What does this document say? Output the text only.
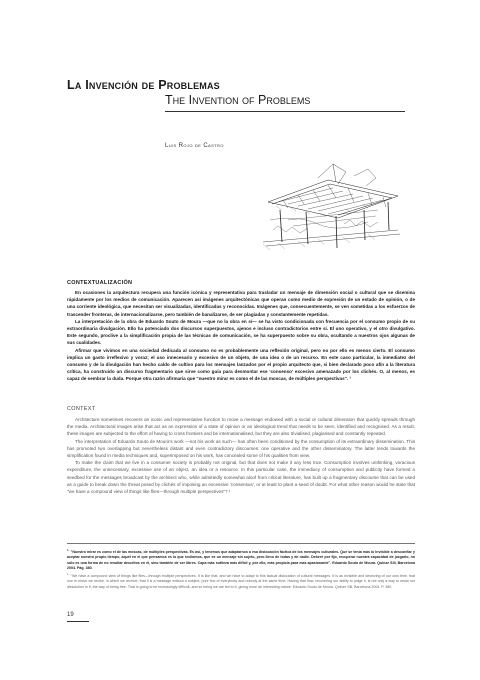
La Invención de Problemas
The Invention of Problems
Luis Rojo de Castro
CONTEXTUALIZACIÓN

En ocasiones la arquitectura recupera una función icónica y representativa para trasladar un mensaje de dimensión social o cultural que se disemina rápidamente por los medios de comunicación. Aparecen así imágenes arquitectónicas que operan como medio de expresión de un estado de opinión, o de una corriente ideológica, que necesitan ser visualizadas, identificadas y reconocidas. Imágenes que, consecuentemente, se ven sometidas a los esfuerzos de trascender fronteras, de internacionalizarse, pero también de banalizarse, de ser plagiadas y constantemente repetidas.

La interpretación de la obra de Eduardo Souto de Moura —que no la obra en sí— se ha visto condicionada con frecuencia por el consumo propio de su extraordinaria divulgación. Ello ha potenciado dos discursos superpuestos, ajenos e incluso contradictorios entre sí. El uno operativo, y el otro divulgativo. Este segundo, proclive a la simplificación propia de las técnicas de comunicación, se ha superpuesto sobre su obra, ocultando a nuestros ojos algunas de sus cualidades.

Afirmar que vivimos en una sociedad dedicada al consumo no es probablemente una reflexión original, pero no por ello es menos cierto. El consumo implica un gasto irreflexivo y voraz; el uso innecesario y excesivo de un objeto, de una idea o de un recurso. En este caso particular, la inmediatez del consumo y de la divulgación han hecho caldo de cultivo para los mensajes lanzados por el propio arquitecto que, si bien declarado poco afín a la literatura crítica, ha construido un discurso fragmentario que sirve como guía para desmontar ese 'consenso' excesivo amenazado por los clichés. O, al menos, es capaz de sembrar la duda. Porque otra razón afirmaría que "nuestro mirar es como el de las moscas, de múltiples perspectivas". ¹

CONTEXT

Architecture sometimes recovers an iconic and representative function to move a message endowed with a social or cultural dimension that quickly spreads through the media. Architectural images arise that act as an expression of a state of opinion or an ideological trend that needs to be seen, identified and recognised. As a result, these images are subjected to the effort of having to cross frontiers and be internationalised, but they are also trivialised, plagiarised and constantly repeated.

The interpretation of Eduardo Souto de Moura's work —not his work as such— has often been conditioned by the consumption of its extraordinary dissemination. This has promoted two overlapping but nevertheless distant and even contradictory discourses: one operative and the other disseminatory. The latter tends towards the simplification found in media techniques and, superimposed on his work, has concealed some of his qualities from view.

To make the claim that we live in a consumer society is probably not original, but that does not make it any less true. Consumption involves unthinking, voracious expenditure, the unnecessary, excessive use of an object, an idea or a resource. In this particular case, the immediacy of consumption and publicity have formed a seedbed for the messages broadcast by the architect who, while admittedly somewhat aloof from critical literature, has built up a fragmentary discourse that can be used as a guide to break down the threat posed by clichés of imposing an excessive 'consensus', or at least to plant a seed of doubt. For what other reason would he state that "we have a compound view of things like flies—through multiple perspectives"? ¹

$^1$"Nuestro mirar es como el de las moscas, de múltiples perspectivas. Es así, y tenemos que adaptarnos a esa dislocación fáctica de los mensajes culturales. Que se tenía más lo invisible a desconfiar y aceptar nuestro propio tiempo, aquél en el que pensamos es lo que recibimos, que es un mensaje sin sujeto, pero lleno de todas y de nadie. Deberé por fijo, recuperar nuestra capacidad de juzgarlo, no sólo es una forma de no resultar descritos en él, sino también de ser libres. Capa más sutileza más difícil y, por ello, más propicia para mas apasionante". Eduardo Souto de Moura. Quinze Sill, Barcelona 2004. Pág. 380.

$^1$"We have a compound view of things like flies—through multiple perspectives. It is like that, and we have to adapt to this factual dislocation of cultural messages. It is as invisible and deceiving of our own time, that one in which we recibe, in which we receive, that it is a message without a subject, pure flux of everybody and nobody at the same time. Having that flow, recovering our ability to judge it, is not only a way to resist our dissolution in it, the way of being free. That is going to be increasingly difficult, and so being we are led to it, giving more an interesting nature. Eduardo Souto de Moura. Quinze Sill, Barcelona 2004. P. 380.

19
